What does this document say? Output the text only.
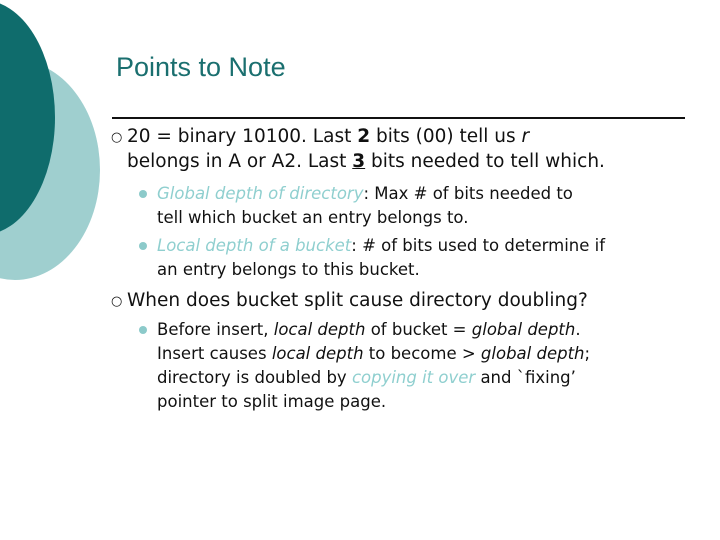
Points to Note
○ 20 = binary 10100. Last 2 bits (00) tell us r
belongs in A or A2. Last 3 bits needed to tell which.
Global depth of directory: Max # of bits needed to
tell which bucket an entry belongs to.
Local depth of a bucket: # of bits used to determine if
an entry belongs to this bucket.
○ When does bucket split cause directory doubling?
Before insert, local depth of bucket = global depth.
Insert causes local depth to become > global depth;
directory is doubled by copying it over and `fixing’
pointer to split image page.
